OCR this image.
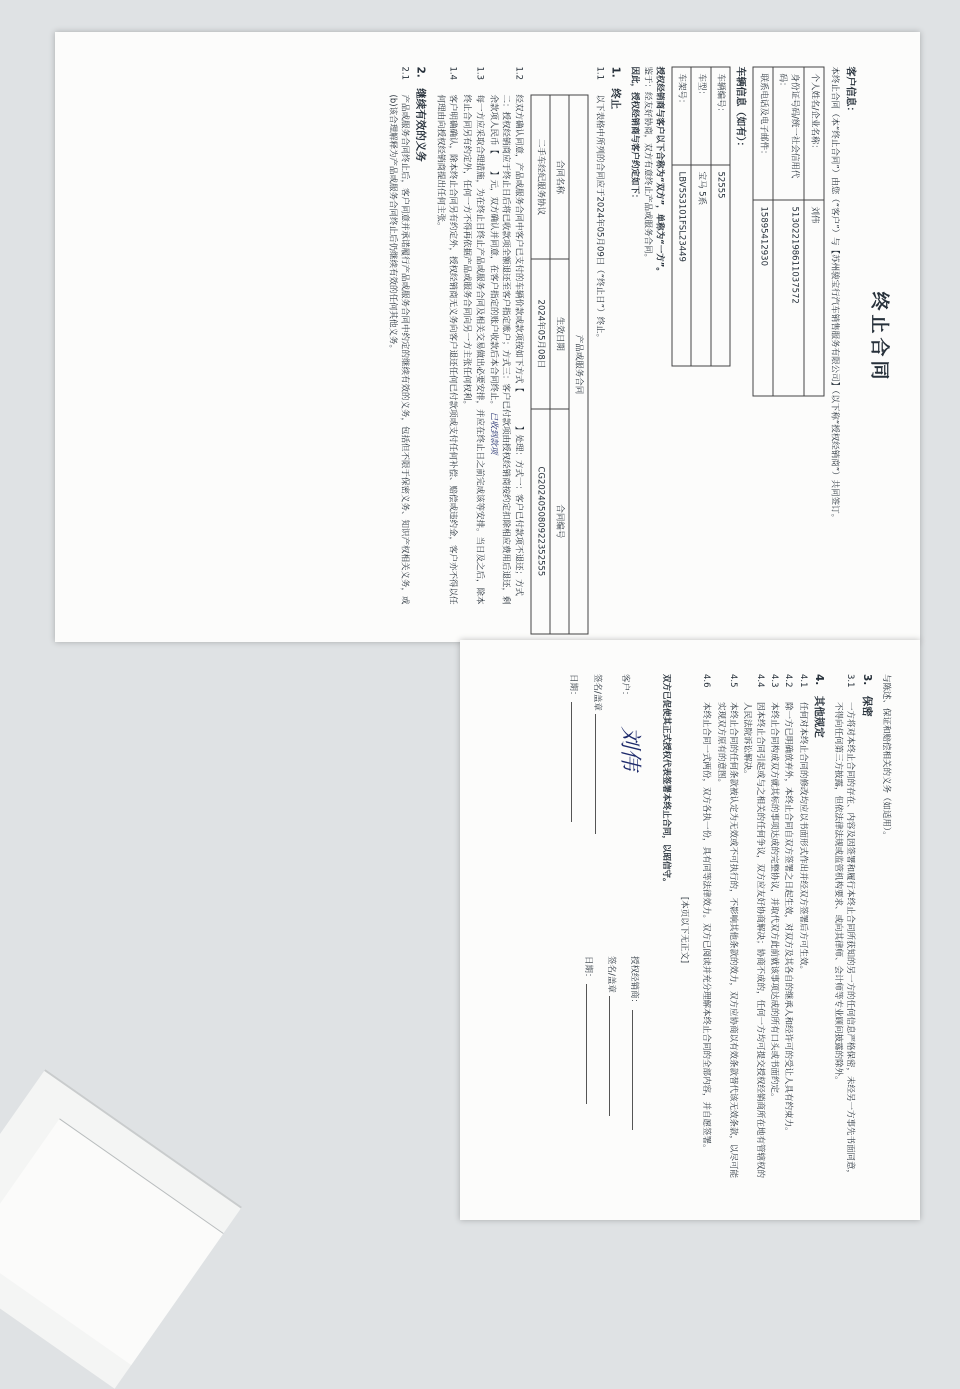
终止合同
客户信息：
本终止合同（本“终止合同”）由您（“客户”）与【苏州骏宝行汽车销售服务有限公司】（以下称“授权经销商”）共同签订。
个人姓名/企业名称：	刘伟
身份证号码/统一社会信用代码：	513022198611037572
联系电话及电子邮件：	15895412930
车辆信息（如有）：
车辆编号：	52555
车型：	宝马 5系
车架号：	LBV5S3101FSL23449
授权经销商与客户以下合称为“双方”，单称为“一方”。
鉴于：经友好协商，双方有意终止产品或服务合同。
因此，授权经销商与客户约定如下：
1.　终止
1.1
以下表格中所列的合同应于2024年05月09日（“终止日”）终止。
产品或服务合同		
合同名称	生效日期	合同编号
二手车经纪服务协议	2024年05月08日	CG202405080922352555
1.2
经双方确认同意，产品或服务合同中客户已支付的车辆价款或款项按如下方式【　　　　】处理：方式一：客户已付款项不退还；方式二：授权经销商应于终止日后将已收款项全额退还至客户指定账户；方式三：客户已付款项由授权经销商按约定扣除相应费用后退还，剩余款项人民币【　　】元，双方确认并同意，在客户指定的账户收款后本合同终止。 已收到款项
1.3
每一方应采取合理措施，为在终止日终止产品或服务合同及相关交易做出必要安排，并应在终止日之前完成该等安排。当日及之后，除本终止合同另有约定外，任何一方不得再依据产品或服务合同向另一方主张任何权利。
1.4
客户明确确认，除本终止合同另有约定外，授权经销商无义务向客户退还任何已付款项或支付任何补偿、赔偿或违约金，客户亦不得以任何理由向授权经销商提出任何主张。
2.　继续有效的义务
2.1
产品或服务合同终止后，客户同意并承诺履行产品或服务合同中约定的继续有效的义务，包括但不限于保密义务、知识产权相关义务，或(b)该合理解释为产品或服务合同终止后仍继续有效的任何其他义务。
与陈述、保证和赔偿相关的义务（如适用）。
3.　保密
3.1
一方将对本终止合同的存在、内容及因签署和履行本终止合同所获知的另一方的任何信息严格保密，未经另一方事先书面同意，不得向任何第三方披露，但依法律法规或监管机构要求、或向其律师、会计师等专业顾问披露的除外。
4.　其他规定
4.1
任何对本终止合同的修改均应以书面形式作出并经双方签署后方可生效。
4.2
除一方已明确放弃外，本终止合同自双方签署之日起生效，对双方及其各自的继承人和经许可的受让人具有约束力。
4.3
本终止合同构成双方就其标的事项达成的完整协议，并取代双方此前就该事项达成的所有口头或书面约定。
4.4
因本终止合同引起或与之相关的任何争议，双方应友好协商解决；协商不成的，任何一方均可提交授权经销商所在地有管辖权的人民法院诉讼解决。
4.5
本终止合同的任何条款被认定为无效或不可执行的，不影响其他条款的效力，双方应协商以有效条款替代该无效条款，以尽可能实现双方原有的意图。
4.6
本终止合同一式两份，双方各执一份，具有同等法律效力。双方已阅读并充分理解本终止合同的全部内容，并自愿签署。
[本页以下无正文]
双方已促使其正式授权代表签署本终止合同，以昭信守。
客户： 刘伟
签名/盖章
日期：
授权经销商：
签名/盖章
日期：
